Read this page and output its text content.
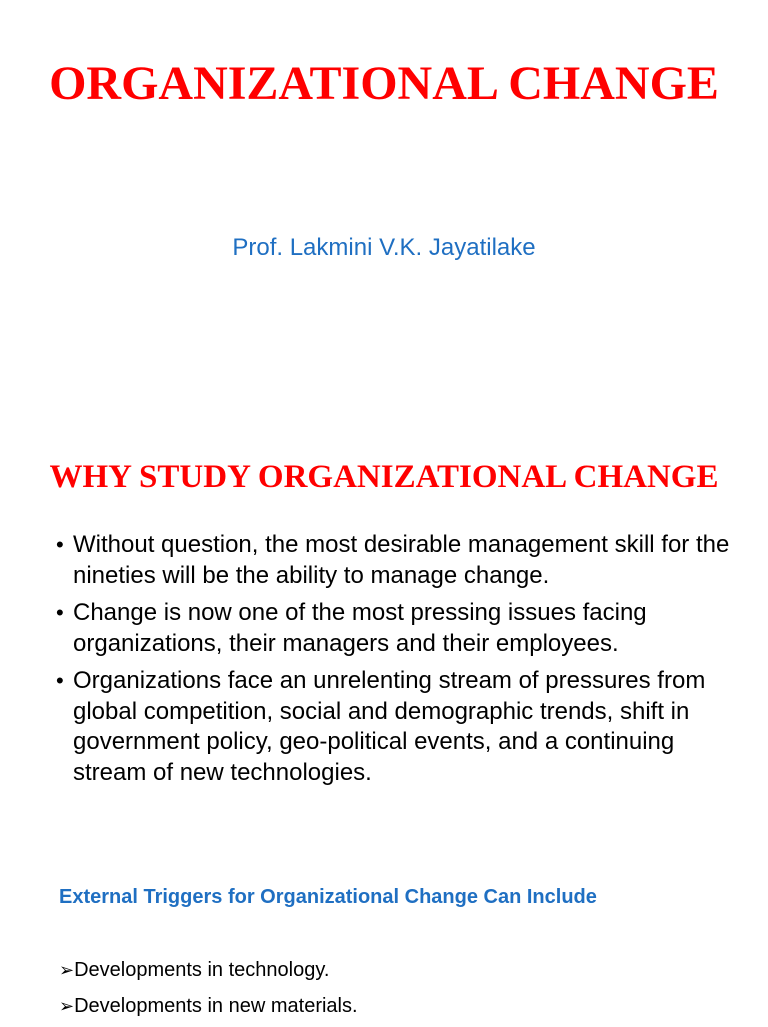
ORGANIZATIONAL CHANGE
Prof. Lakmini V.K. Jayatilake
WHY STUDY ORGANIZATIONAL CHANGE
• Without question, the most desirable management skill for the nineties will be the ability to manage change.
• Change is now one of the most pressing issues facing organizations, their managers and their employees.
• Organizations face an unrelenting stream of pressures from global competition, social and demographic trends, shift in government policy, geo-political events, and a continuing stream of new technologies.
External Triggers for Organizational Change Can Include
➢Developments in technology.
➢Developments in new materials.
